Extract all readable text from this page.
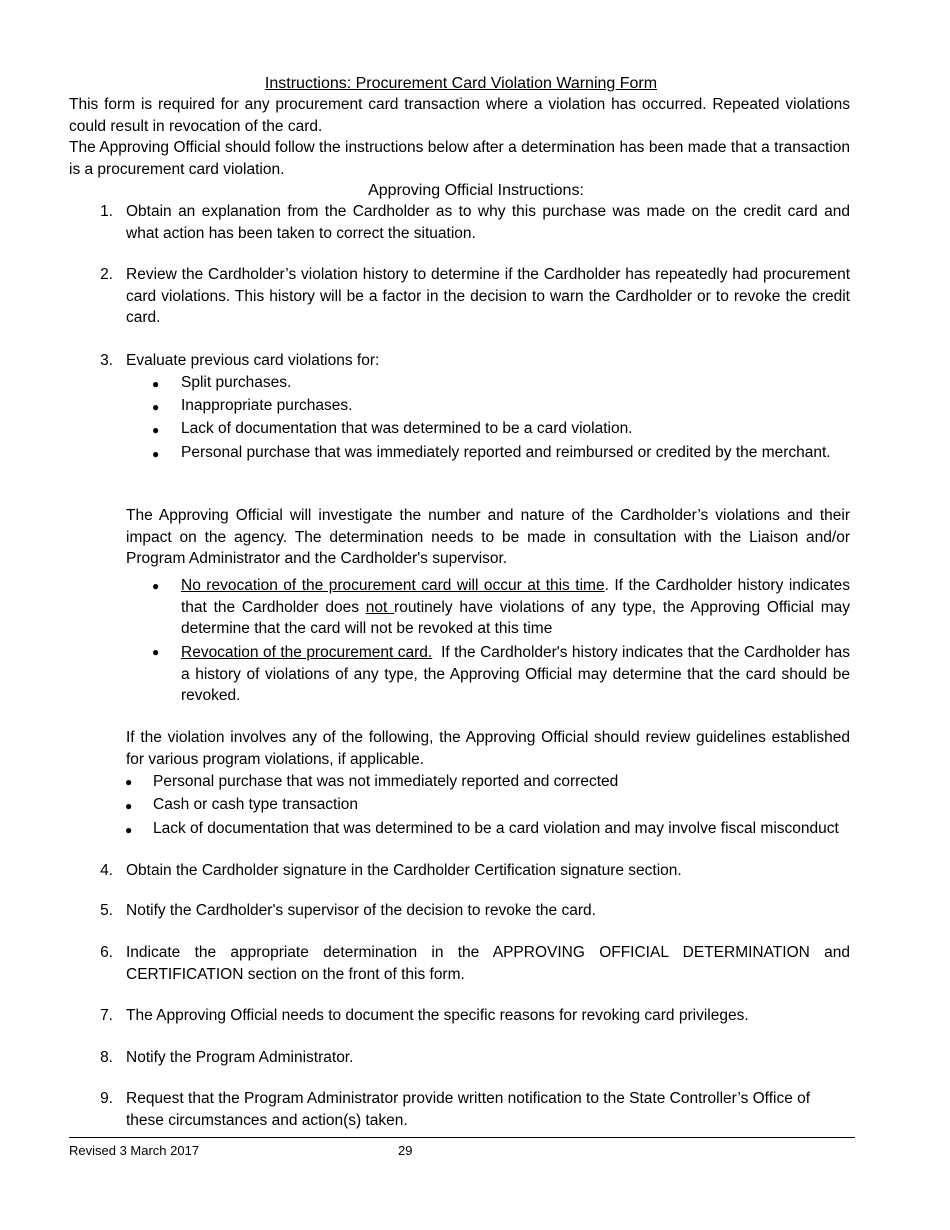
Instructions: Procurement Card Violation Warning Form
This form is required for any procurement card transaction where a violation has occurred. Repeated violations could result in revocation of the card.
The Approving Official should follow the instructions below after a determination has been made that a transaction is a procurement card violation.
Approving Official Instructions:
1. Obtain an explanation from the Cardholder as to why this purchase was made on the credit card and what action has been taken to correct the situation.
2. Review the Cardholder’s violation history to determine if the Cardholder has repeatedly had procurement card violations. This history will be a factor in the decision to warn the Cardholder or to revoke the credit card.
3. Evaluate previous card violations for:
● Split purchases.
● Inappropriate purchases.
● Lack of documentation that was determined to be a card violation.
● Personal purchase that was immediately reported and reimbursed or credited by the merchant.
The Approving Official will investigate the number and nature of the Cardholder’s violations and their impact on the agency. The determination needs to be made in consultation with the Liaison and/or Program Administrator and the Cardholder's supervisor.
● No revocation of the procurement card will occur at this time. If the Cardholder history indicates that the Cardholder does not routinely have violations of any type, the Approving Official may determine that the card will not be revoked at this time
● Revocation of the procurement card.  If the Cardholder's history indicates that the Cardholder has a history of violations of any type, the Approving Official may determine that the card should be revoked.
If the violation involves any of the following, the Approving Official should review guidelines established for various program violations, if applicable.
● Personal purchase that was not immediately reported and corrected
● Cash or cash type transaction
● Lack of documentation that was determined to be a card violation and may involve fiscal misconduct
4. Obtain the Cardholder signature in the Cardholder Certification signature section.
5. Notify the Cardholder's supervisor of the decision to revoke the card.
6. Indicate the appropriate determination in the APPROVING OFFICIAL DETERMINATION and CERTIFICATION section on the front of this form.
7. The Approving Official needs to document the specific reasons for revoking card privileges.
8. Notify the Program Administrator.
9. Request that the Program Administrator provide written notification to the State Controller’s Office of these circumstances and action(s) taken.
Revised 3 March 2017	29
